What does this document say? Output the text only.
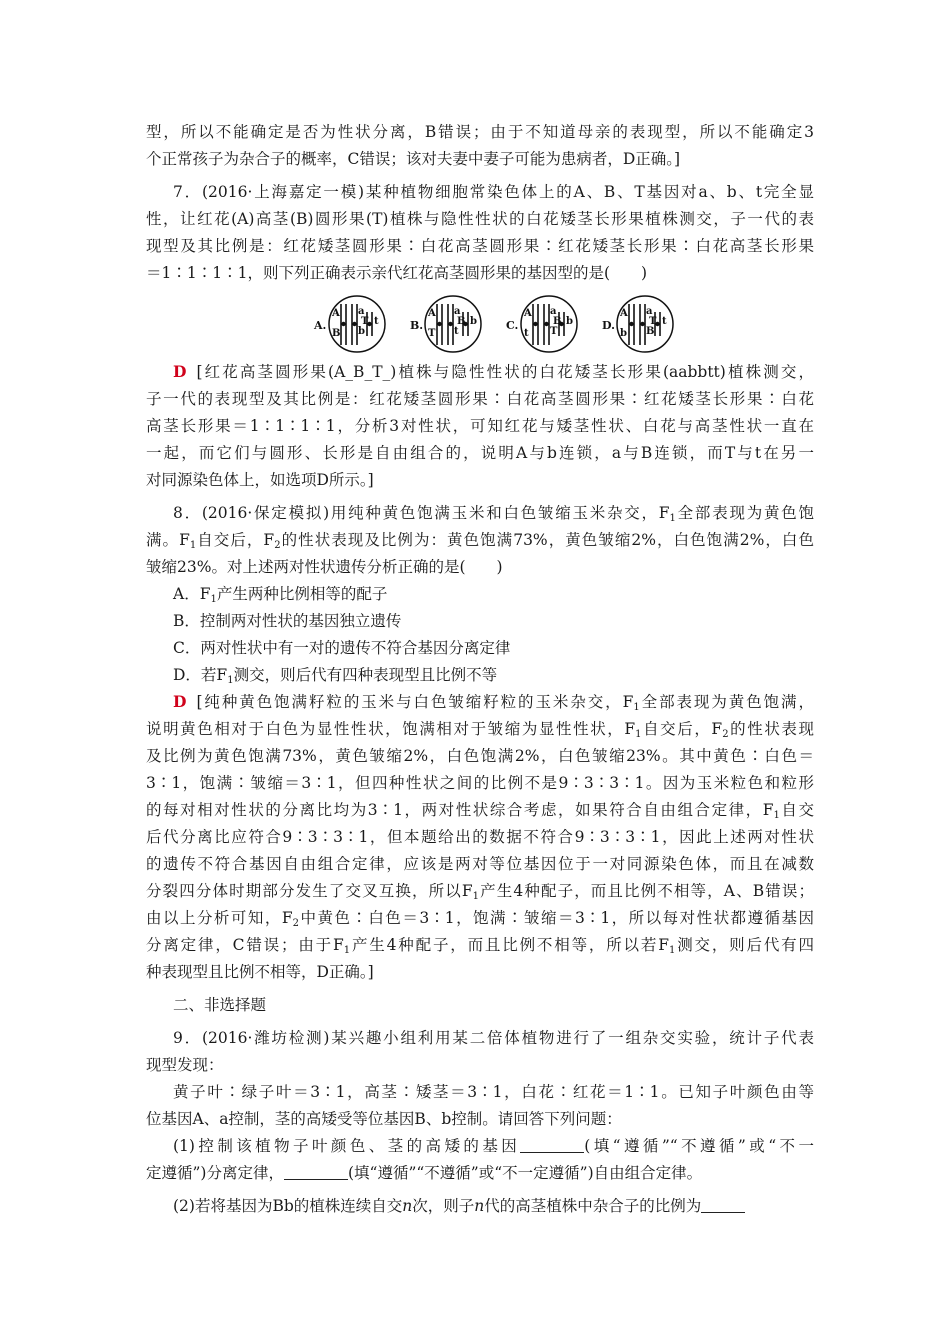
型，所以不能确定是否为性状分离，B错误；由于不知道母亲的表现型，所以不能确定3
个正常孩子为杂合子的概率，C错误；该对夫妻中妻子可能为患病者，D正确。]
7．(2016·上海嘉定一模)某种植物细胞常染色体上的A、B、T基因对a、b、t完全显
性，让红花(A)高茎(B)圆形果(T)植株与隐性性状的白花矮茎长形果植株测交，子一代的表
现型及其比例是：红花矮茎圆形果∶白花高茎圆形果∶红花矮茎长形果∶白花高茎长形果
＝1∶1∶1∶1，则下列正确表示亲代红花高茎圆形果的基因型的是(　　)
A.
A
B
a
b
T t	B.
A
T
a
t
B b	C.
A
t
a
T
B b	D.
A
b
a
B
T t
D [红花高茎圆形果(A_B_T_)植株与隐性性状的白花矮茎长形果(aabbtt)植株测交，
子一代的表现型及其比例是：红花矮茎圆形果∶白花高茎圆形果∶红花矮茎长形果∶白花
高茎长形果＝1∶1∶1∶1，分析3对性状，可知红花与矮茎性状、白花与高茎性状一直在
一起，而它们与圆形、长形是自由组合的，说明A与b连锁，a与B连锁，而T与t在另一
对同源染色体上，如选项D所示。]
8．(2016·保定模拟)用纯种黄色饱满玉米和白色皱缩玉米杂交，$F_1$全部表现为黄色饱
满。$F_1$自交后，$F_2$的性状表现及比例为：黄色饱满73%，黄色皱缩2%，白色饱满2%，白色
皱缩23%。对上述两对性状遗传分析正确的是(　　)
A．$F_1$产生两种比例相等的配子
B．控制两对性状的基因独立遗传
C．两对性状中有一对的遗传不符合基因分离定律
D．若$F_1$测交，则后代有四种表现型且比例不等
D [纯种黄色饱满籽粒的玉米与白色皱缩籽粒的玉米杂交，$F_1$全部表现为黄色饱满，
说明黄色相对于白色为显性性状，饱满相对于皱缩为显性性状，$F_1$自交后，$F_2$的性状表现
及比例为黄色饱满73%，黄色皱缩2%，白色饱满2%，白色皱缩23%。其中黄色∶白色＝
3∶1，饱满∶皱缩＝3∶1，但四种性状之间的比例不是9∶3∶3∶1。因为玉米粒色和粒形
的每对相对性状的分离比均为3∶1，两对性状综合考虑，如果符合自由组合定律，$F_1$自交
后代分离比应符合9∶3∶3∶1，但本题给出的数据不符合9∶3∶3∶1，因此上述两对性状
的遗传不符合基因自由组合定律，应该是两对等位基因位于一对同源染色体，而且在减数
分裂四分体时期部分发生了交叉互换，所以$F_1$产生4种配子，而且比例不相等，A、B错误；
由以上分析可知，$F_2$中黄色∶白色＝3∶1，饱满∶皱缩＝3∶1，所以每对性状都遵循基因
分离定律，C错误；由于$F_1$产生4种配子，而且比例不相等，所以若$F_1$测交，则后代有四
种表现型且比例不相等，D正确。]
二、非选择题
9．(2016·潍坊检测)某兴趣小组利用某二倍体植物进行了一组杂交实验，统计子代表
现型发现：
黄子叶∶绿子叶＝3∶1，高茎∶矮茎＝3∶1，白花∶红花＝1∶1。已知子叶颜色由等
位基因A、a控制，茎的高矮受等位基因B、b控制。请回答下列问题：
(1)控制该植物子叶颜色、茎的高矮的基因	(填“遵循”“不遵循”或“不一
定遵循”)分离定律，	(填“遵循”“不遵循”或“不一定遵循”)自由组合定律。
(2)若将基因为Bb的植株连续自交n次，则子n代的高茎植株中杂合子的比例为
